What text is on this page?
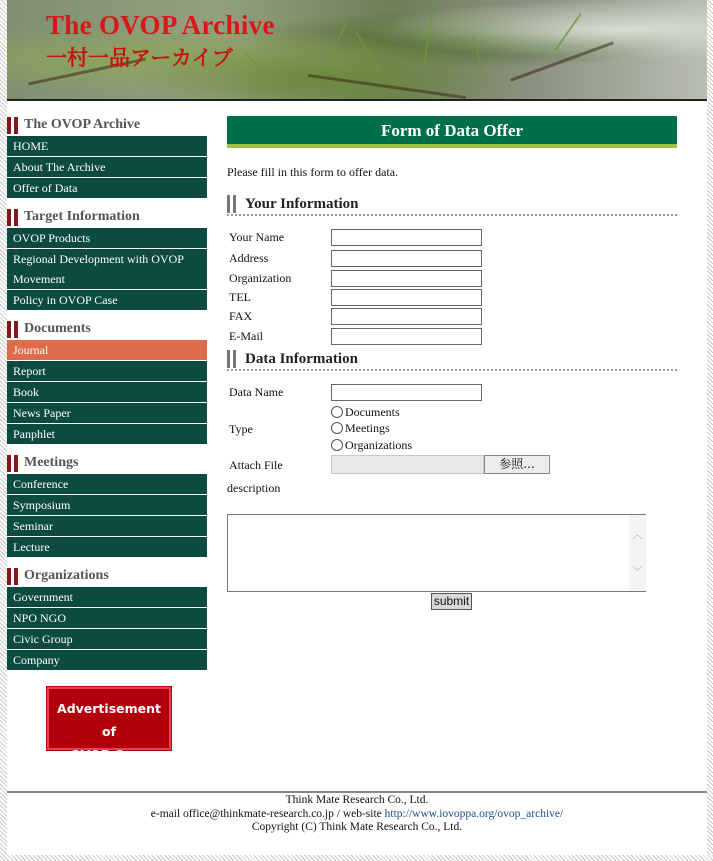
The OVOP Archive
一村一品アーカイブ
The OVOP Archive
HOME
About The Archive
Offer of Data
Target Information
OVOP Products
Regional Development with OVOP Movement
Policy in OVOP Case
Documents
Journal
Report
Book
News Paper
Panphlet
Meetings
Conference
Symposium
Seminar
Lecture
Organizations
Government
NPO NGO
Civic Group
Company
Advertisement of
OVOP Case
Form of Data Offer
Please fill in this form to offer data.
Your Information
Your Name
Address
Organization
TEL
FAX
E-Mail
Data Information
Data Name
Documents
Type	Meetings
Organizations
Attach File	参照...
description
︿
﹀
submit
Think Mate Research Co., Ltd.
e-mail office@thinkmate-research.co.jp / web-site http://www.iovoppa.org/ovop_archive/
Copyright (C) Think Mate Research Co., Ltd.
